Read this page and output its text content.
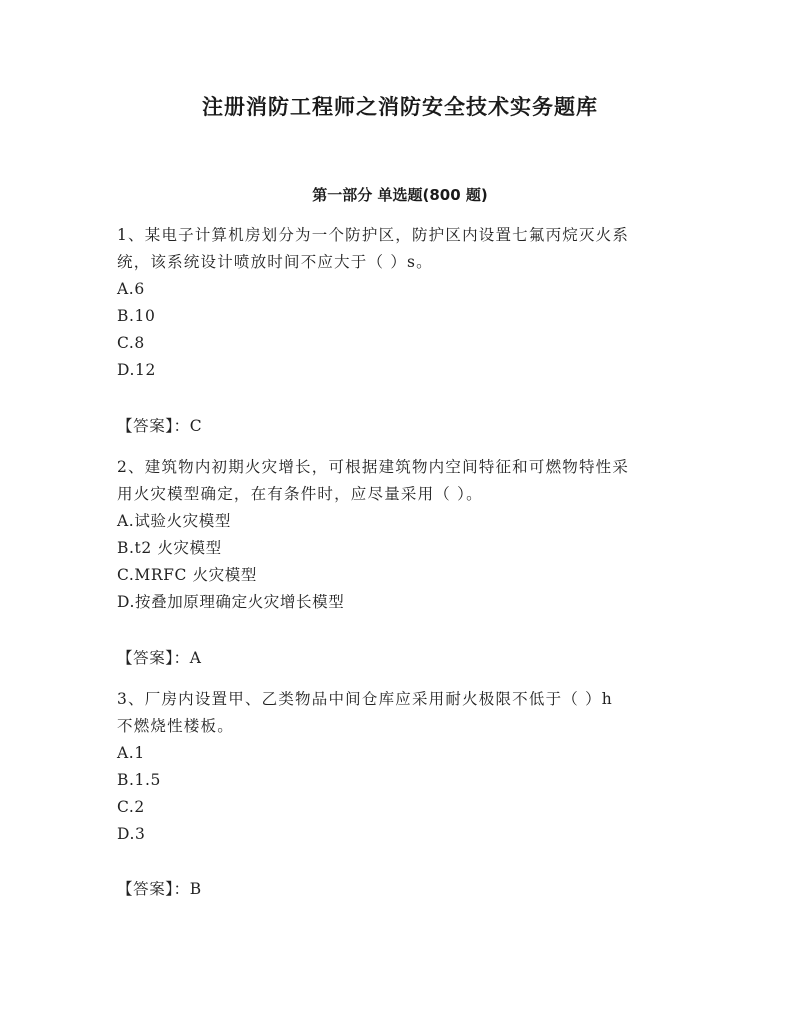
注册消防工程师之消防安全技术实务题库
第一部分 单选题(800 题)
1、某电子计算机房划分为一个防护区，防护区内设置七氟丙烷灭火系
统，该系统设计喷放时间不应大于（ ）s。
A.6
B.10
C.8
D.12
【答案】：C
2、建筑物内初期火灾增长，可根据建筑物内空间特征和可燃物特性采
用火灾模型确定，在有条件时，应尽量采用（ ）。
A.试验火灾模型
B.t2 火灾模型
C.MRFC 火灾模型
D.按叠加原理确定火灾增长模型
【答案】：A
3、厂房内设置甲、乙类物品中间仓库应采用耐火极限不低于（ ）h
不燃烧性楼板。
A.1
B.1.5
C.2
D.3
【答案】：B
